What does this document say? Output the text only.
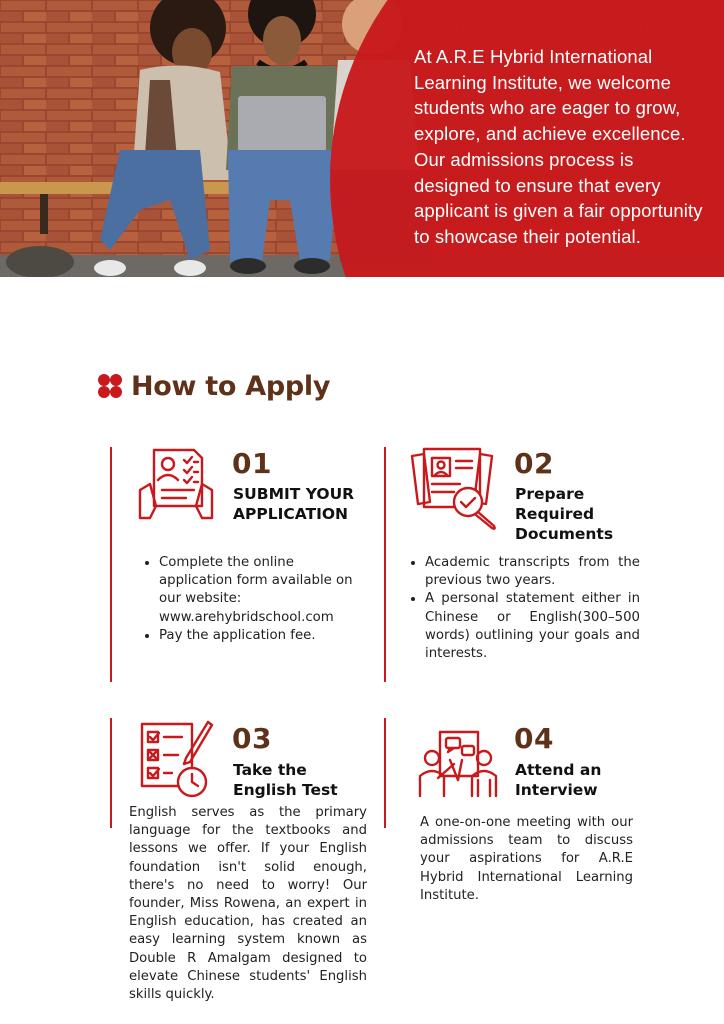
At A.R.E Hybrid International Learning Institute, we welcome students who are eager to grow, explore, and achieve excellence. Our admissions process is designed to ensure that every applicant is given a fair opportunity to showcase their potential.
How to Apply
01
SUBMIT YOUR APPLICATION
• Complete the online application form available on our website: www.arehybridschool.com
• Pay the application fee.
02
Prepare Required Documents
• Academic transcripts from the previous two years.
• A personal statement either in Chinese or English(300–500 words) outlining your goals and interests.
03
Take the
English Test

English serves as the primary language for the textbooks and lessons we offer. If your English foundation isn't solid enough, there's no need to worry! Our founder, Miss Rowena, an expert in English education, has created an easy learning system known as Double R Amalgam designed to elevate Chinese students' English skills quickly.

04
Attend an
Interview

A one-on-one meeting with our admissions team to discuss your aspirations for A.R.E Hybrid International Learning Institute.
